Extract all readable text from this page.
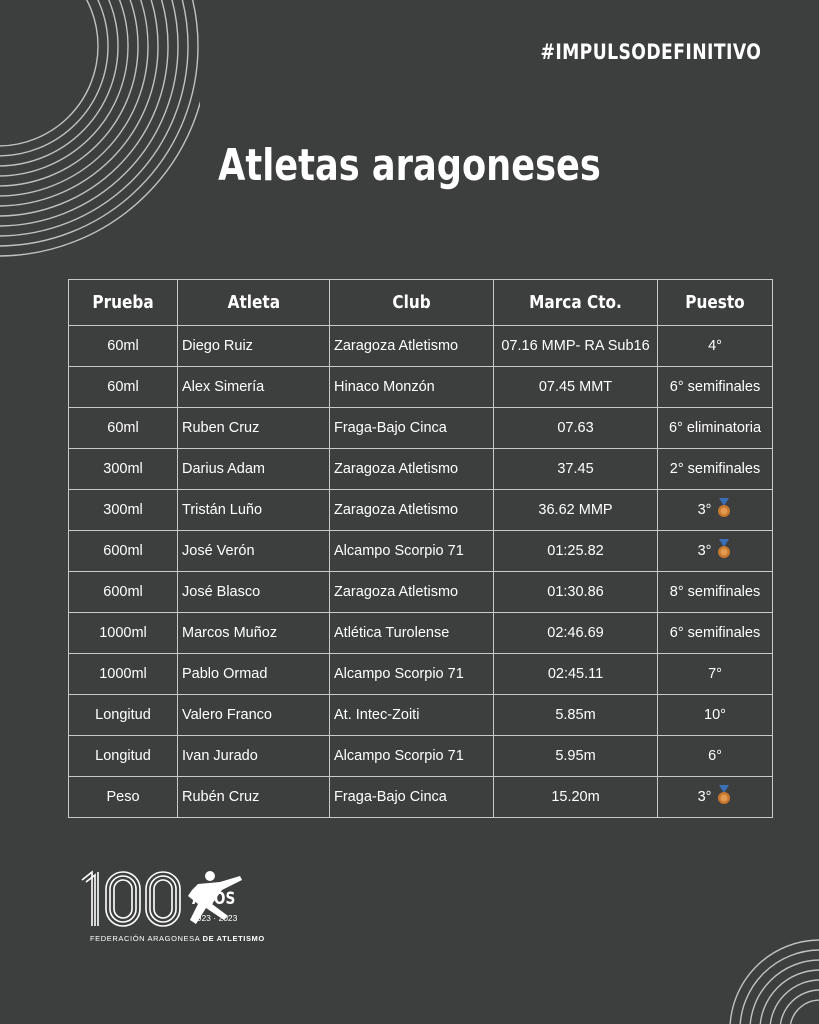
#IMPULSODEFINITIVO
Atletas aragoneses
Prueba	Atleta	Club	Marca Cto.	Puesto
60ml	Diego Ruiz	Zaragoza Atletismo	07.16 MMP- RA Sub16	4°
60ml	Alex Simería	Hinaco Monzón	07.45 MMT	6° semifinales
60ml	Ruben Cruz	Fraga-Bajo Cinca	07.63	6° eliminatoria
300ml	Darius Adam	Zaragoza Atletismo	37.45	2° semifinales
300ml	Tristán Luño	Zaragoza Atletismo	36.62 MMP	3°
600ml	José Verón	Alcampo Scorpio 71	01:25.82	3°
600ml	José Blasco	Zaragoza Atletismo	01:30.86	8° semifinales
1000ml	Marcos Muñoz	Atlética Turolense	02:46.69	6° semifinales
1000ml	Pablo Ormad	Alcampo Scorpio 71	02:45.11	7°
Longitud	Valero Franco	At. Intec-Zoiti	5.85m	10°
Longitud	Ivan Jurado	Alcampo Scorpio 71	5.95m	6°
Peso	Rubén Cruz	Fraga-Bajo Cinca	15.20m	3°
AÑOS
1923 · 2023
FEDERACIÓN ARAGONESA DE ATLETISMO
